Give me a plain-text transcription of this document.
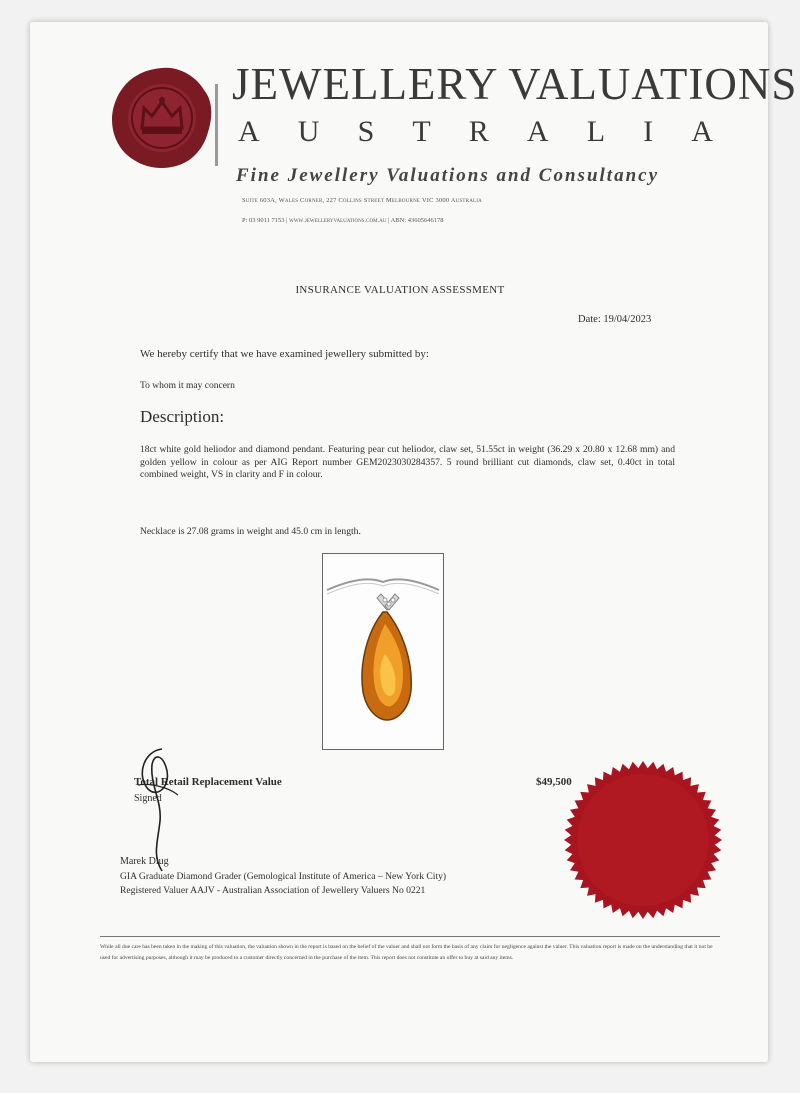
JEWELLERY VALUATIONS
A U S T R A L I A
Fine Jewellery Valuations and Consultancy
Suite 603A, Wales Corner, 227 Collins Street Melbourne VIC 3000 Australia
P: 03 9011 7153 | www.jewelleryvaluations.com.au | ABN: 43605646178
INSURANCE VALUATION ASSESSMENT
Date: 19/04/2023
We hereby certify that we have examined jewellery submitted by:
To whom it may concern
Description:
18ct white gold heliodor and diamond pendant. Featuring pear cut heliodor, claw set, 51.55ct in weight (36.29 x 20.80 x 12.68 mm) and golden yellow in colour as per AIG Report number GEM2023030284357. 5 round brilliant cut diamonds, claw set, 0.40ct in total combined weight, VS in clarity and F in colour.
Necklace is 27.08 grams in weight and 45.0 cm in length.
Total Retail Replacement Value	$49,500
Signed
Marek Diug
GIA Graduate Diamond Grader (Gemological Institute of America – New York City)
Registered Valuer AAJV - Australian Association of Jewellery Valuers No 0221
While all due care has been taken in the making of this valuation, the valuation shown in the report is based on the belief of the valuer and shall not form the basis of any claim for negligence against the valuer. This valuation report is made on the understanding that it not be used for advertising purposes, although it may be produced to a customer directly concerned in the purchase of the item. This report does not constitute an offer to buy at said any items.
